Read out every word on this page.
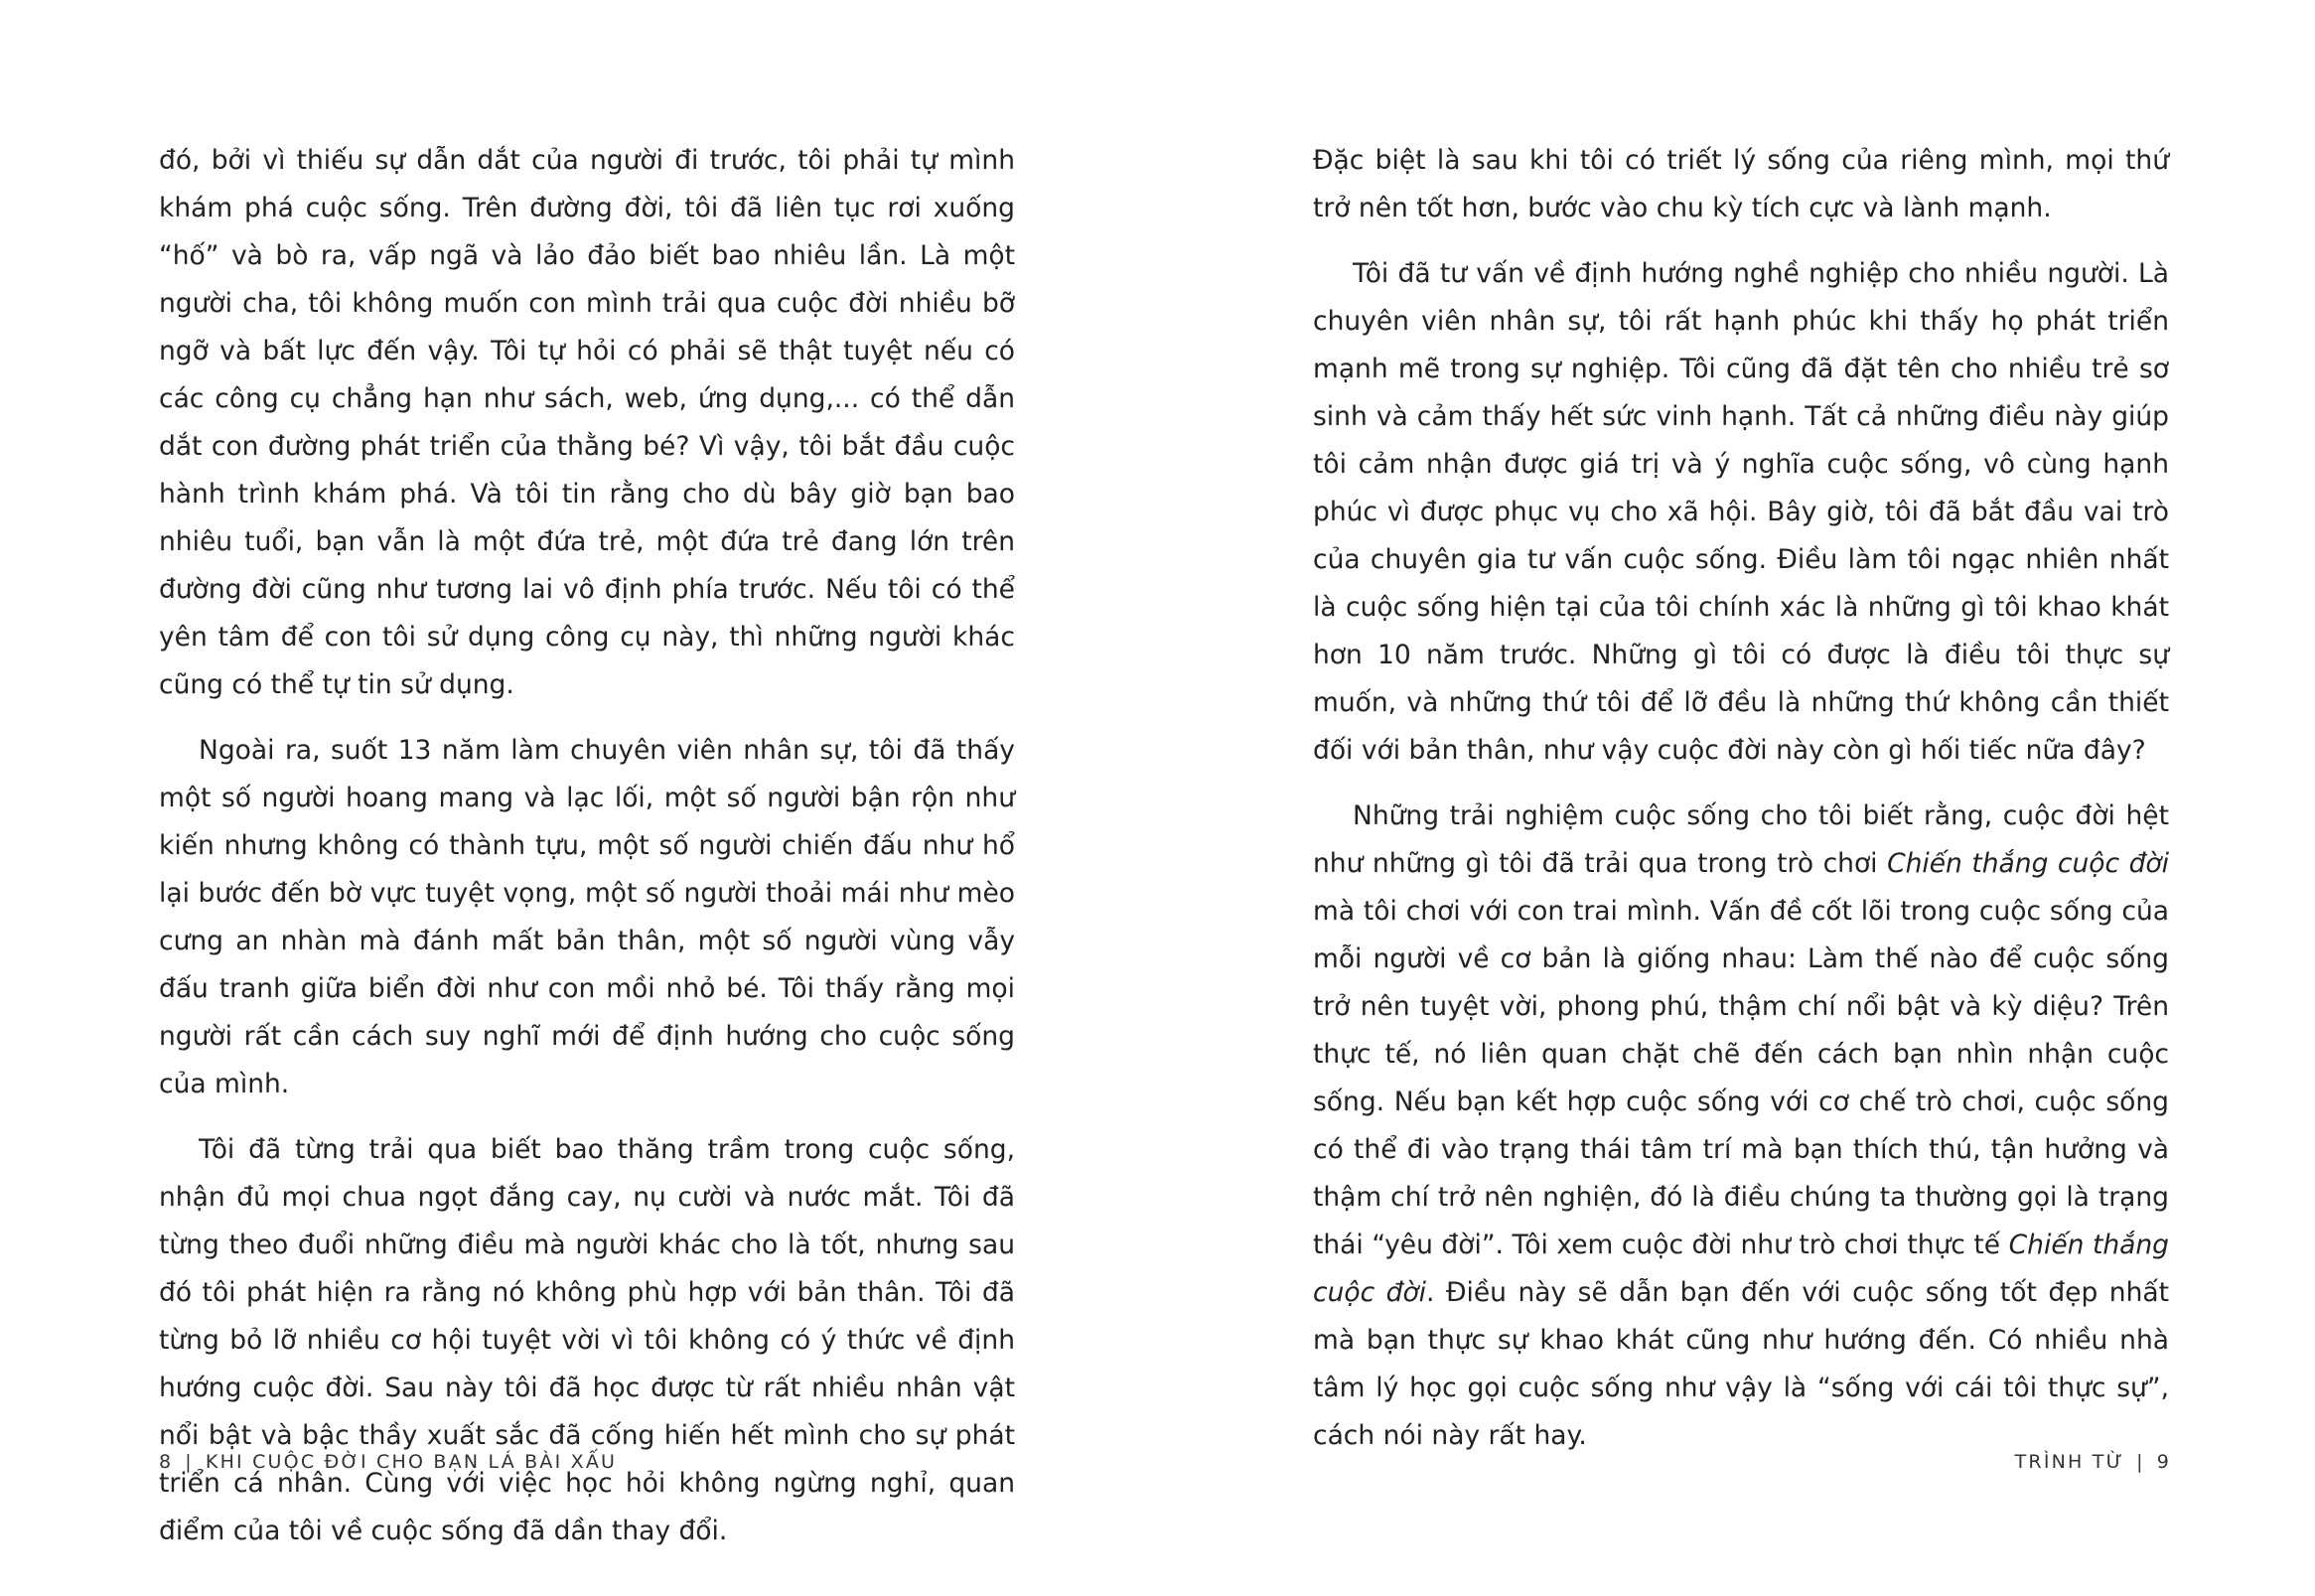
đó, bởi vì thiếu sự dẫn dắt của người đi trước, tôi phải tự mình khám phá cuộc sống. Trên đường đời, tôi đã liên tục rơi xuống “hố” và bò ra, vấp ngã và lảo đảo biết bao nhiêu lần. Là một người cha, tôi không muốn con mình trải qua cuộc đời nhiều bỡ ngỡ và bất lực đến vậy. Tôi tự hỏi có phải sẽ thật tuyệt nếu có các công cụ chẳng hạn như sách, web, ứng dụng,... có thể dẫn dắt con đường phát triển của thằng bé? Vì vậy, tôi bắt đầu cuộc hành trình khám phá. Và tôi tin rằng cho dù bây giờ bạn bao nhiêu tuổi, bạn vẫn là một đứa trẻ, một đứa trẻ đang lớn trên đường đời cũng như tương lai vô định phía trước. Nếu tôi có thể yên tâm để con tôi sử dụng công cụ này, thì những người khác cũng có thể tự tin sử dụng.

Ngoài ra, suốt 13 năm làm chuyên viên nhân sự, tôi đã thấy một số người hoang mang và lạc lối, một số người bận rộn như kiến nhưng không có thành tựu, một số người chiến đấu như hổ lại bước đến bờ vực tuyệt vọng, một số người thoải mái như mèo cưng an nhàn mà đánh mất bản thân, một số người vùng vẫy đấu tranh giữa biển đời như con mồi nhỏ bé. Tôi thấy rằng mọi người rất cần cách suy nghĩ mới để định hướng cho cuộc sống của mình.

Tôi đã từng trải qua biết bao thăng trầm trong cuộc sống, nhận đủ mọi chua ngọt đắng cay, nụ cười và nước mắt. Tôi đã từng theo đuổi những điều mà người khác cho là tốt, nhưng sau đó tôi phát hiện ra rằng nó không phù hợp với bản thân. Tôi đã từng bỏ lỡ nhiều cơ hội tuyệt vời vì tôi không có ý thức về định hướng cuộc đời. Sau này tôi đã học được từ rất nhiều nhân vật nổi bật và bậc thầy xuất sắc đã cống hiến hết mình cho sự phát triển cá nhân. Cùng với việc học hỏi không ngừng nghỉ, quan điểm của tôi về cuộc sống đã dần thay đổi.

Đặc biệt là sau khi tôi có triết lý sống của riêng mình, mọi thứ trở nên tốt hơn, bước vào chu kỳ tích cực và lành mạnh.

Tôi đã tư vấn về định hướng nghề nghiệp cho nhiều người. Là chuyên viên nhân sự, tôi rất hạnh phúc khi thấy họ phát triển mạnh mẽ trong sự nghiệp. Tôi cũng đã đặt tên cho nhiều trẻ sơ sinh và cảm thấy hết sức vinh hạnh. Tất cả những điều này giúp tôi cảm nhận được giá trị và ý nghĩa cuộc sống, vô cùng hạnh phúc vì được phục vụ cho xã hội. Bây giờ, tôi đã bắt đầu vai trò của chuyên gia tư vấn cuộc sống. Điều làm tôi ngạc nhiên nhất là cuộc sống hiện tại của tôi chính xác là những gì tôi khao khát hơn 10 năm trước. Những gì tôi có được là điều tôi thực sự muốn, và những thứ tôi để lỡ đều là những thứ không cần thiết đối với bản thân, như vậy cuộc đời này còn gì hối tiếc nữa đây?

Những trải nghiệm cuộc sống cho tôi biết rằng, cuộc đời hệt như những gì tôi đã trải qua trong trò chơi Chiến thắng cuộc đời mà tôi chơi với con trai mình. Vấn đề cốt lõi trong cuộc sống của mỗi người về cơ bản là giống nhau: Làm thế nào để cuộc sống trở nên tuyệt vời, phong phú, thậm chí nổi bật và kỳ diệu? Trên thực tế, nó liên quan chặt chẽ đến cách bạn nhìn nhận cuộc sống. Nếu bạn kết hợp cuộc sống với cơ chế trò chơi, cuộc sống có thể đi vào trạng thái tâm trí mà bạn thích thú, tận hưởng và thậm chí trở nên nghiện, đó là điều chúng ta thường gọi là trạng thái “yêu đời”. Tôi xem cuộc đời như trò chơi thực tế Chiến thắng cuộc đời. Điều này sẽ dẫn bạn đến với cuộc sống tốt đẹp nhất mà bạn thực sự khao khát cũng như hướng đến. Có nhiều nhà tâm lý học gọi cuộc sống như vậy là “sống với cái tôi thực sự”, cách nói này rất hay.

8 | KHI CUỘC ĐỜI CHO BẠN LÁ BÀI XẤU	TRÌNH TỪ | 9
